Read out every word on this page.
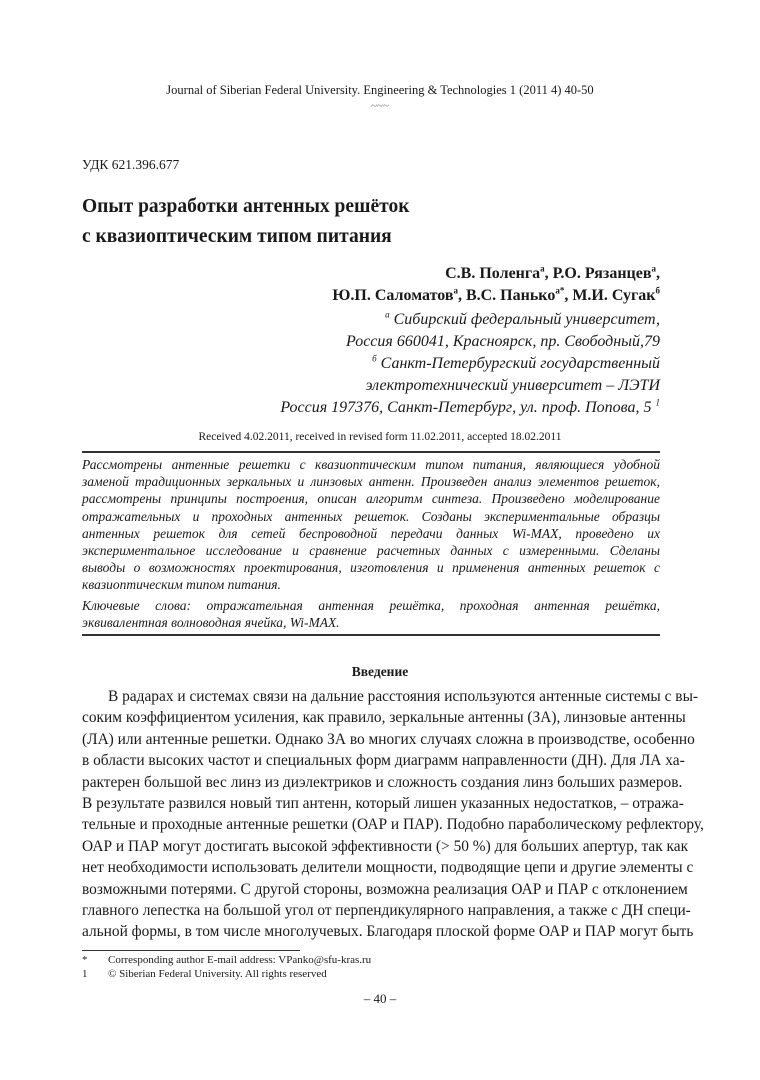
Journal of Siberian Federal University. Engineering & Technologies 1 (2011 4) 40-50
~~~
УДК 621.396.677
Опыт разработки антенных решёток
с квазиоптическим типом питания
С.В. Поленга$^а$, Р.О. Рязанцев$^а$,
Ю.П. Саломатов$^а$, В.С. Панько$^{а*}$, М.И. Сугак$^б$
$^а$ Сибирский федеральный университет,
Россия 660041, Красноярск, пр. Свободный,79
$^б$ Санкт-Петербургский государственный
электротехнический университет – ЛЭТИ
Россия 197376, Санкт-Петербург, ул. проф. Попова, 5 $^1$
Received 4.02.2011, received in revised form 11.02.2011, accepted 18.02.2011
Рассмотрены антенные решетки с квазиоптическим типом питания, являющиеся удобной
заменой традиционных зеркальных и линзовых антенн. Произведен анализ элементов решеток,
рассмотрены принципы построения, описан алгоритм синтеза. Произведено моделирование
отражательных и проходных антенных решеток. Созданы экспериментальные образцы
антенных решеток для сетей беспроводной передачи данных Wi-MAX, проведено их
экспериментальное исследование и сравнение расчетных данных с измеренными. Сделаны
выводы о возможностях проектирования, изготовления и применения антенных решеток с
квазиоптическим типом питания.
Ключевые слова: отражательная антенная решётка, проходная антенная решётка,
эквивалентная волноводная ячейка, Wi-MAX.
Введение
В радарах и системах связи на дальние расстояния используются антенные системы с вы-
соким коэффициентом усиления, как правило, зеркальные антенны (ЗА), линзовые антенны
(ЛА) или антенные решетки. Однако ЗА во многих случаях сложна в производстве, особенно
в области высоких частот и специальных форм диаграмм направленности (ДН). Для ЛА ха-
рактерен большой вес линз из диэлектриков и сложность создания линз больших размеров.
В результате развился новый тип антенн, который лишен указанных недостатков, – отража-
тельные и проходные антенные решетки (ОАР и ПАР). Подобно параболическому рефлектору,
ОАР и ПАР могут достигать высокой эффективности (> 50 %) для больших апертур, так как
нет необходимости использовать делители мощности, подводящие цепи и другие элементы с
возможными потерями. С другой стороны, возможна реализация ОАР и ПАР с отклонением
главного лепестка на большой угол от перпендикулярного направления, а также с ДН специ-
альной формы, в том числе многолучевых. Благодаря плоской форме ОАР и ПАР могут быть
* Corresponding author E-mail address: VPanko@sfu-kras.ru
1 © Siberian Federal University. All rights reserved
– 40 –
